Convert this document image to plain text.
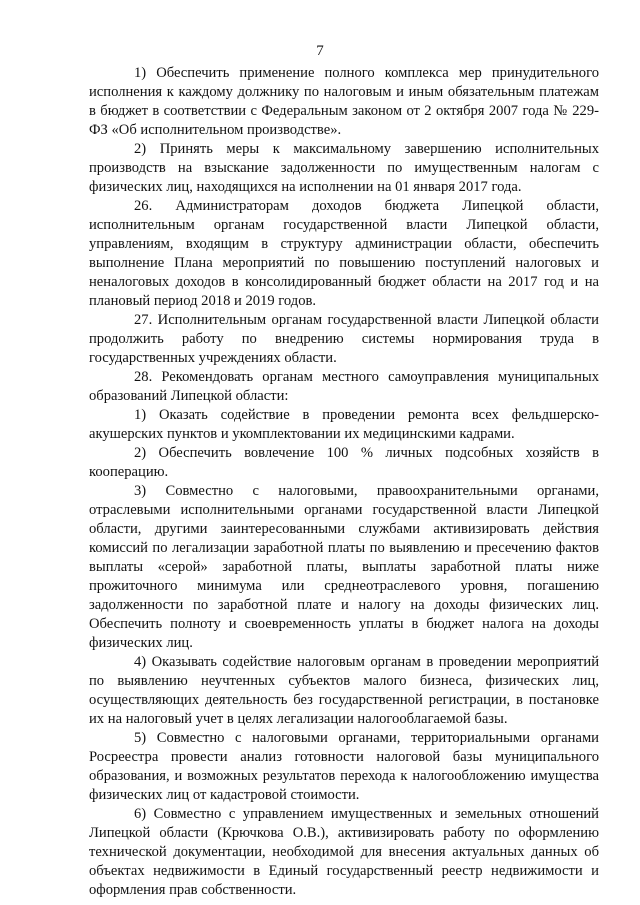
7

1) Обеспечить применение полного комплекса мер принудительного исполнения к каждому должнику по налоговым и иным обязательным платежам в бюджет в соответствии с Федеральным законом от 2 октября 2007 года № 229-ФЗ «Об исполнительном производстве».

2) Принять меры к максимальному завершению исполнительных производств на взыскание задолженности по имущественным налогам с физических лиц, находящихся на исполнении на 01 января 2017 года.

26. Администраторам доходов бюджета Липецкой области, исполнительным органам государственной власти Липецкой области, управлениям, входящим в структуру администрации области, обеспечить выполнение Плана мероприятий по повышению поступлений налоговых и неналоговых доходов в консолидированный бюджет области на 2017 год и на плановый период 2018 и 2019 годов.

27. Исполнительным органам государственной власти Липецкой области продолжить работу по внедрению системы нормирования труда в государственных учреждениях области.

28. Рекомендовать органам местного самоуправления муниципальных образований Липецкой области:

1) Оказать содействие в проведении ремонта всех фельдшерско-акушерских пунктов и укомплектовании их медицинскими кадрами.

2) Обеспечить вовлечение 100 % личных подсобных хозяйств в кооперацию.

3) Совместно с налоговыми, правоохранительными органами, отраслевыми исполнительными органами государственной власти Липецкой области, другими заинтересованными службами активизировать действия комиссий по легализации заработной платы по выявлению и пресечению фактов выплаты «серой» заработной платы, выплаты заработной платы ниже прожиточного минимума или среднеотраслевого уровня, погашению задолженности по заработной плате и налогу на доходы физических лиц. Обеспечить полноту и своевременность уплаты в бюджет налога на доходы физических лиц.

4) Оказывать содействие налоговым органам в проведении мероприятий по выявлению неучтенных субъектов малого бизнеса, физических лиц, осуществляющих деятельность без государственной регистрации, в постановке их на налоговый учет в целях легализации налогооблагаемой базы.

5) Совместно с налоговыми органами, территориальными органами Росреестра провести анализ готовности налоговой базы муниципального образования, и возможных результатов перехода к налогообложению имущества физических лиц от кадастровой стоимости.

6) Совместно с управлением имущественных и земельных отношений Липецкой области (Крючкова О.В.), активизировать работу по оформлению технической документации, необходимой для внесения актуальных данных об объектах недвижимости в Единый государственный реестр недвижимости и оформления прав собственности.
